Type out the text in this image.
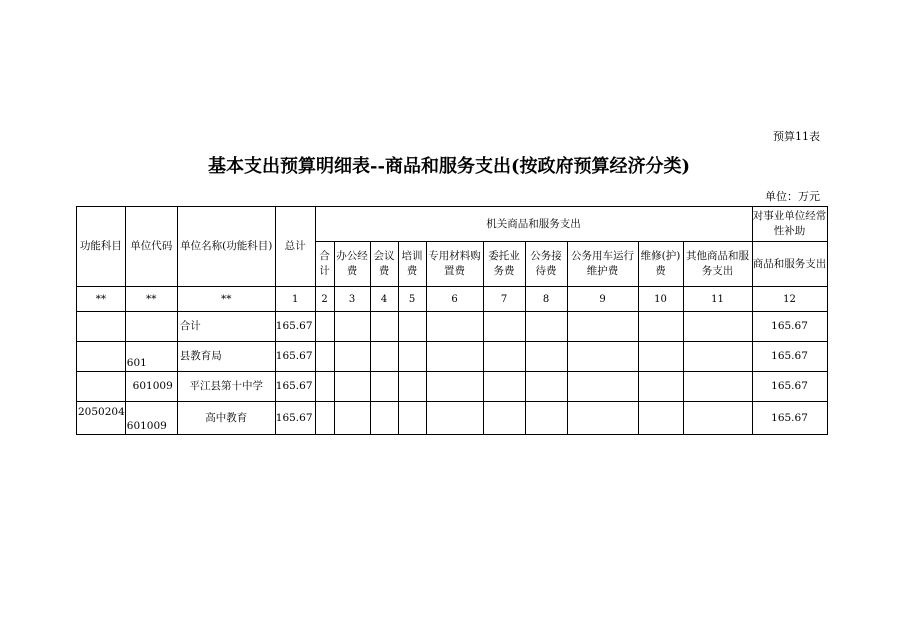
预算11表
基本支出预算明细表--商品和服务支出(按政府预算经济分类)
单位：万元
功能科目	单位代码	单位名称(功能科目)	总计	机关商品和服务支出										对事业单位经常性补助
				合计	办公经费	会议费	培训费	专用材料购置费	委托业务费	公务接待费	公务用车运行维护费	维修(护)费	其他商品和服务支出	商品和服务支出
**	**	**	1	2	3	4	5	6	7	8	9	10	11	12
		合计	165.67											165.67
	601	县教育局	165.67											165.67
	601009	平江县第十中学	165.67											165.67
2050204	601009	高中教育	165.67											165.67
